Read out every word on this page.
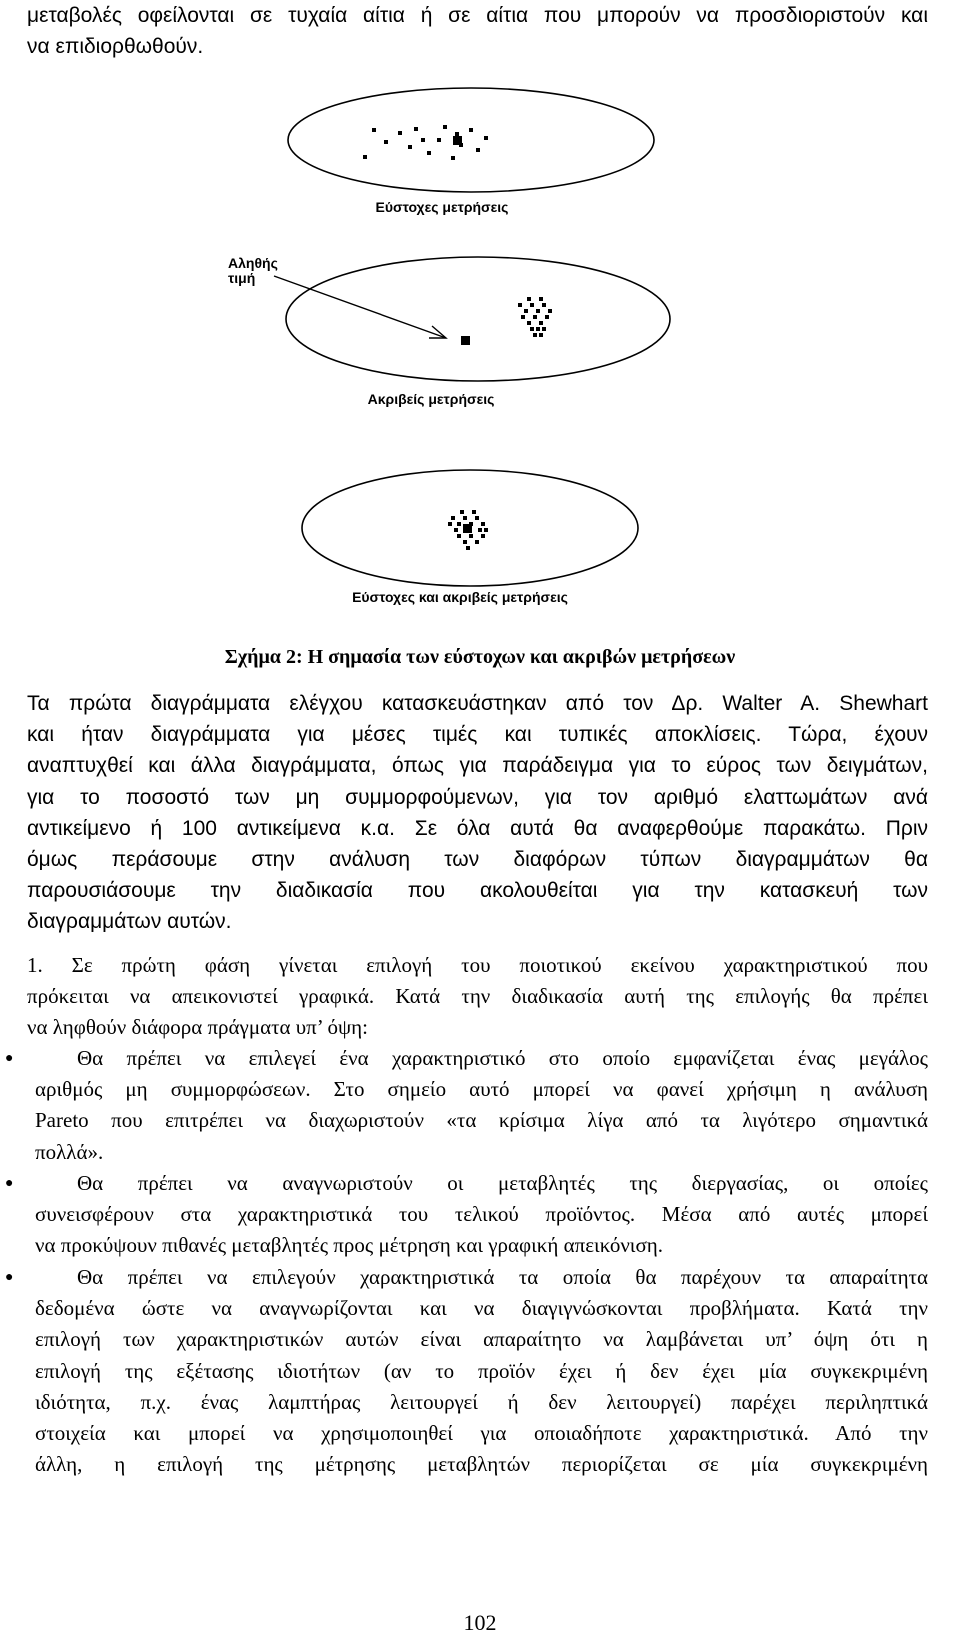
μεταβολές οφείλονται σε τυχαία αίτια ή σε αίτια που μπορούν να προσδιοριστούν και
να επιδιορθωθούν.
Εύστοχες μετρήσεις
Αληθής
τιμή
Ακριβείς μετρήσεις
Εύστοχες και ακριβείς μετρήσεις
Σχήμα 2: Η σημασία των εύστοχων και ακριβών μετρήσεων
Τα πρώτα διαγράμματα ελέγχου κατασκευάστηκαν από τον Δρ. Walter A. Shewhart
και ήταν διαγράμματα για μέσες τιμές και τυπικές αποκλίσεις. Τώρα, έχουν
αναπτυχθεί και άλλα διαγράμματα, όπως για παράδειγμα για το εύρος των δειγμάτων,
για το ποσοστό των μη συμμορφούμενων, για τον αριθμό ελαττωμάτων ανά
αντικείμενο ή 100 αντικείμενα κ.α. Σε όλα αυτά θα αναφερθούμε παρακάτω. Πριν
όμως περάσουμε στην ανάλυση των διαφόρων τύπων διαγραμμάτων θα
παρουσιάσουμε την διαδικασία που ακολουθείται για την κατασκευή των
διαγραμμάτων αυτών.
1. Σε πρώτη φάση γίνεται επιλογή του ποιοτικού εκείνου χαρακτηριστικού που
πρόκειται να απεικονιστεί γραφικά. Κατά την διαδικασία αυτή της επιλογής θα πρέπει
να ληφθούν διάφορα πράγματα υπ’ όψη:
●	Θα πρέπει να επιλεγεί ένα χαρακτηριστικό στο οποίο εμφανίζεται ένας μεγάλος
αριθμός μη συμμορφώσεων. Στο σημείο αυτό μπορεί να φανεί χρήσιμη η ανάλυση
Pareto που επιτρέπει να διαχωριστούν «τα κρίσιμα λίγα από τα λιγότερο σημαντικά
πολλά».
●	Θα πρέπει να αναγνωριστούν οι μεταβλητές της διεργασίας, οι οποίες
συνεισφέρουν στα χαρακτηριστικά του τελικού προϊόντος. Μέσα από αυτές μπορεί
να προκύψουν πιθανές μεταβλητές προς μέτρηση και γραφική απεικόνιση.
●	Θα πρέπει να επιλεγούν χαρακτηριστικά τα οποία θα παρέχουν τα απαραίτητα
δεδομένα ώστε να αναγνωρίζονται και να διαγιγνώσκονται προβλήματα. Κατά την
επιλογή των χαρακτηριστικών αυτών είναι απαραίτητο να λαμβάνεται υπ’ όψη ότι η
επιλογή της εξέτασης ιδιοτήτων (αν το προϊόν έχει ή δεν έχει μία συγκεκριμένη
ιδιότητα, π.χ. ένας λαμπτήρας λειτουργεί ή δεν λειτουργεί) παρέχει περιληπτικά
στοιχεία και μπορεί να χρησιμοποιηθεί για οποιαδήποτε χαρακτηριστικά. Από την
άλλη, η επιλογή της μέτρησης μεταβλητών περιορίζεται σε μία συγκεκριμένη
102
